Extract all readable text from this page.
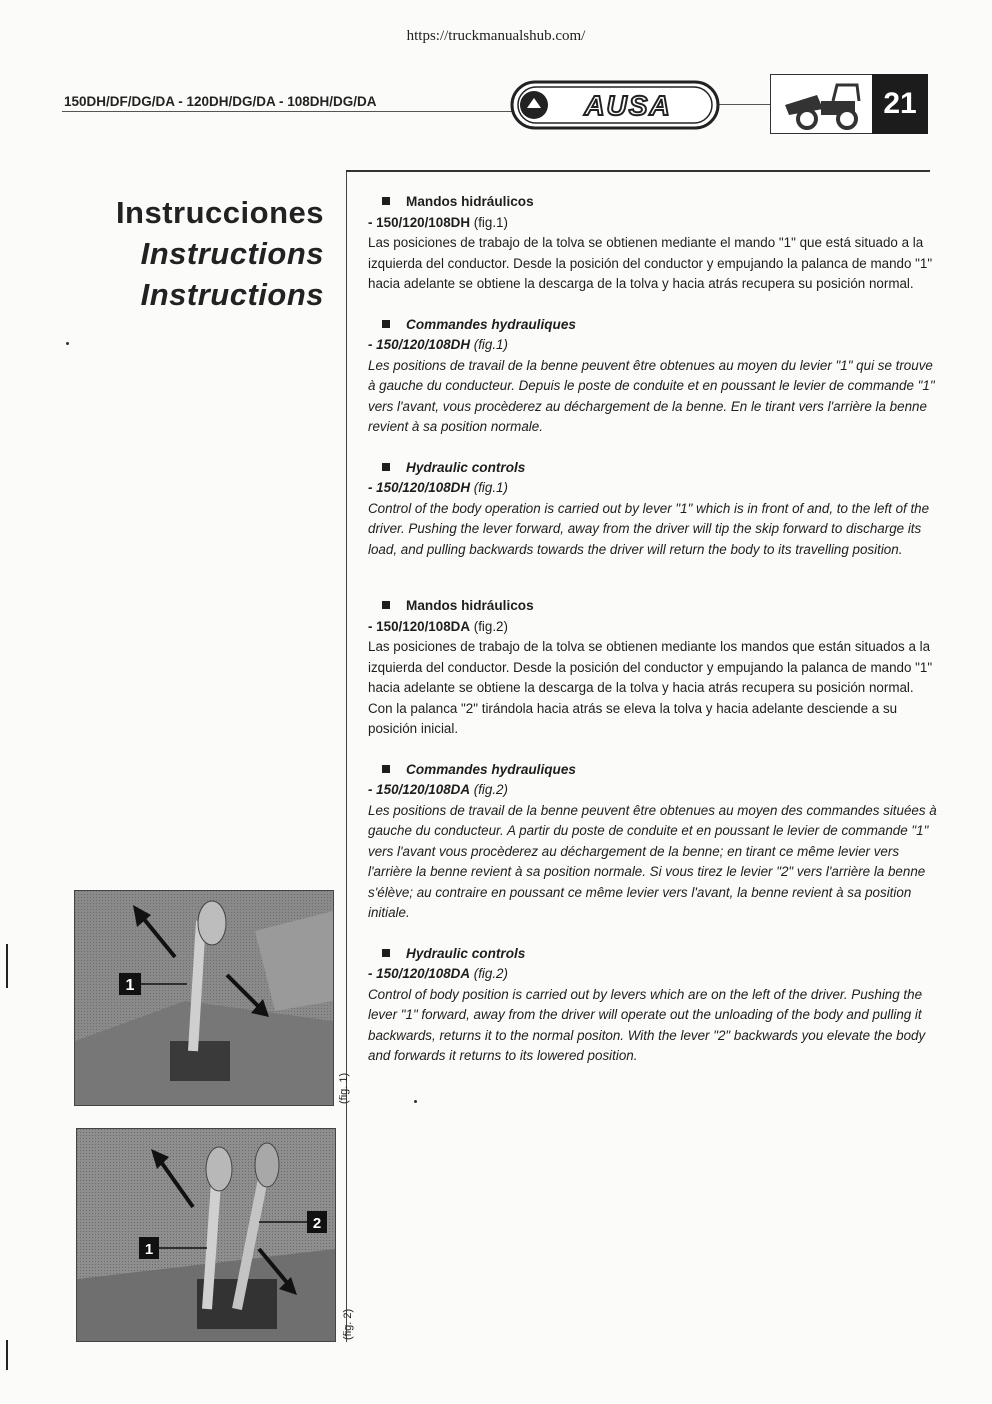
https://truckmanualshub.com/
150DH/DF/DG/DA - 120DH/DG/DA - 108DH/DG/DA	AUSA	21
Instrucciones
Instructions
Instructions
Mandos hidráulicos
- 150/120/108DH (fig.1)
Las posiciones de trabajo de la tolva se obtienen mediante el mando "1" que está situado a la izquierda del conductor. Desde la posición del conductor y empujando la palanca de mando "1" hacia adelante se obtiene la descarga de la tolva y hacia atrás recupera su posición normal.
Commandes hydrauliques
- 150/120/108DH (fig.1)
Les positions de travail de la benne peuvent être obtenues au moyen du levier "1" qui se trouve à gauche du conducteur. Depuis le poste de conduite et en poussant le levier de commande "1" vers l'avant, vous procèderez au déchargement de la benne. En le tirant vers l'arrière la benne revient à sa position normale.
Hydraulic controls
- 150/120/108DH (fig.1)
Control of the body operation is carried out by lever "1" which is in front of and, to the left of the driver. Pushing the lever forward, away from the driver will tip the skip forward to discharge its load, and pulling backwards towards the driver will return the body to its travelling position.
Mandos hidráulicos
- 150/120/108DA (fig.2)
Las posiciones de trabajo de la tolva se obtienen mediante los mandos que están situados a la izquierda del conductor. Desde la posición del conductor y empujando la palanca de mando "1" hacia adelante se obtiene la descarga de la tolva y hacia atrás recupera su posición normal. Con la palanca "2" tirándola hacia atrás se eleva la tolva y hacia adelante desciende a su posición inicial.
Commandes hydrauliques
- 150/120/108DA (fig.2)
Les positions de travail de la benne peuvent être obtenues au moyen des commandes situées à gauche du conducteur. A partir du poste de conduite et en poussant le levier de commande "1" vers l'avant vous procèderez au déchargement de la benne; en tirant ce même levier vers l'arrière la benne revient à sa position normale. Si vous tirez le levier "2" vers l'arrière la benne s'élève; au contraire en poussant ce même levier vers l'avant, la benne revient à sa position initiale.
Hydraulic controls
- 150/120/108DA (fig.2)
Control of body position is carried out by levers which are on the left of the driver. Pushing the lever "1" forward, away from the driver will operate out the unloading of the body and pulling it backwards, returns it to the normal positon. With the lever "2" backwards you elevate the body and forwards it returns to its lowered position.
1
(fig. 1)
1
2
(fig. 2)
